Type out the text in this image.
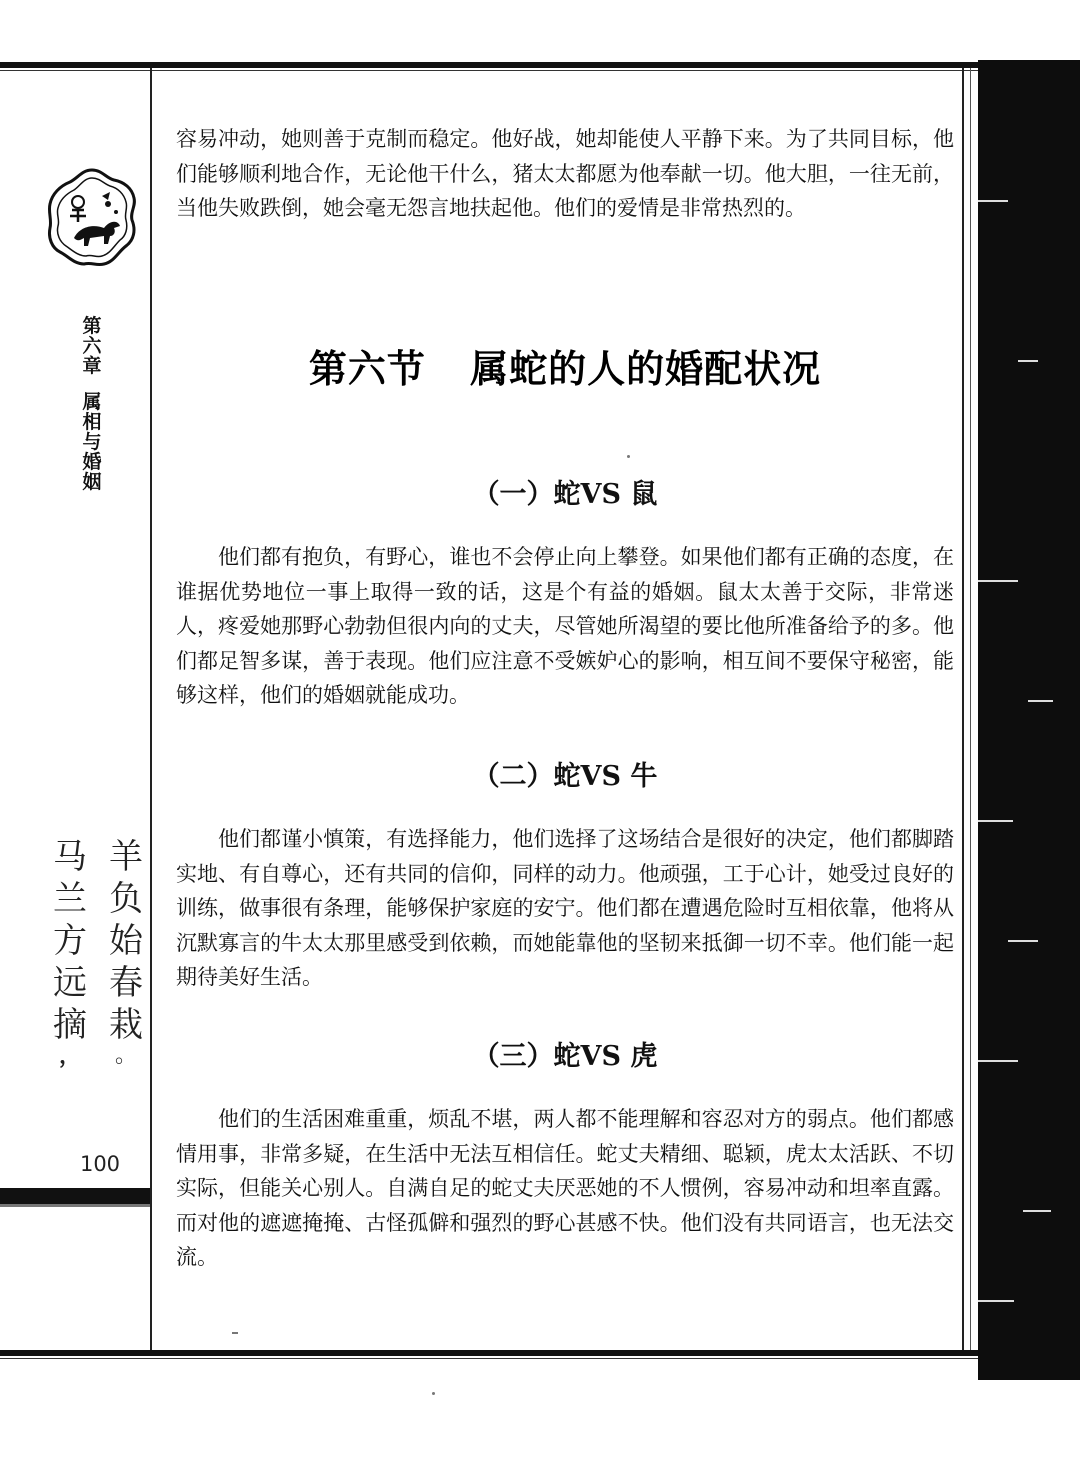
第
六
章
属
相
与
婚
姻
羊
负
始
春
栽
。
马
兰
方
远
摘
，
100

容易冲动，她则善于克制而稳定。他好战，她却能使人平静下来。为了共同目标，他们能够顺利地合作，无论他干什么，猪太太都愿为他奉献一切。他大胆，一往无前，当他失败跌倒，她会毫无怨言地扶起他。他们的爱情是非常热烈的。

第六节 属蛇的人的婚配状况
（一）蛇VS 鼠

他们都有抱负，有野心，谁也不会停止向上攀登。如果他们都有正确的态度，在谁据优势地位一事上取得一致的话，这是个有益的婚姻。鼠太太善于交际，非常迷人，疼爱她那野心勃勃但很内向的丈夫，尽管她所渴望的要比他所准备给予的多。他们都足智多谋，善于表现。他们应注意不受嫉妒心的影响，相互间不要保守秘密，能够这样，他们的婚姻就能成功。

（二）蛇VS 牛

他们都谨小慎策，有选择能力，他们选择了这场结合是很好的决定，他们都脚踏实地、有自尊心，还有共同的信仰，同样的动力。他顽强，工于心计，她受过良好的训练，做事很有条理，能够保护家庭的安宁。他们都在遭遇危险时互相依靠，他将从沉默寡言的牛太太那里感受到依赖，而她能靠他的坚韧来抵御一切不幸。他们能一起期待美好生活。

（三）蛇VS 虎

他们的生活困难重重，烦乱不堪，两人都不能理解和容忍对方的弱点。他们都感情用事，非常多疑，在生活中无法互相信任。蛇丈夫精细、聪颖，虎太太活跃、不切实际，但能关心别人。自满自足的蛇丈夫厌恶她的不人惯例，容易冲动和坦率直露。而对他的遮遮掩掩、古怪孤僻和强烈的野心甚感不快。他们没有共同语言，也无法交流。
